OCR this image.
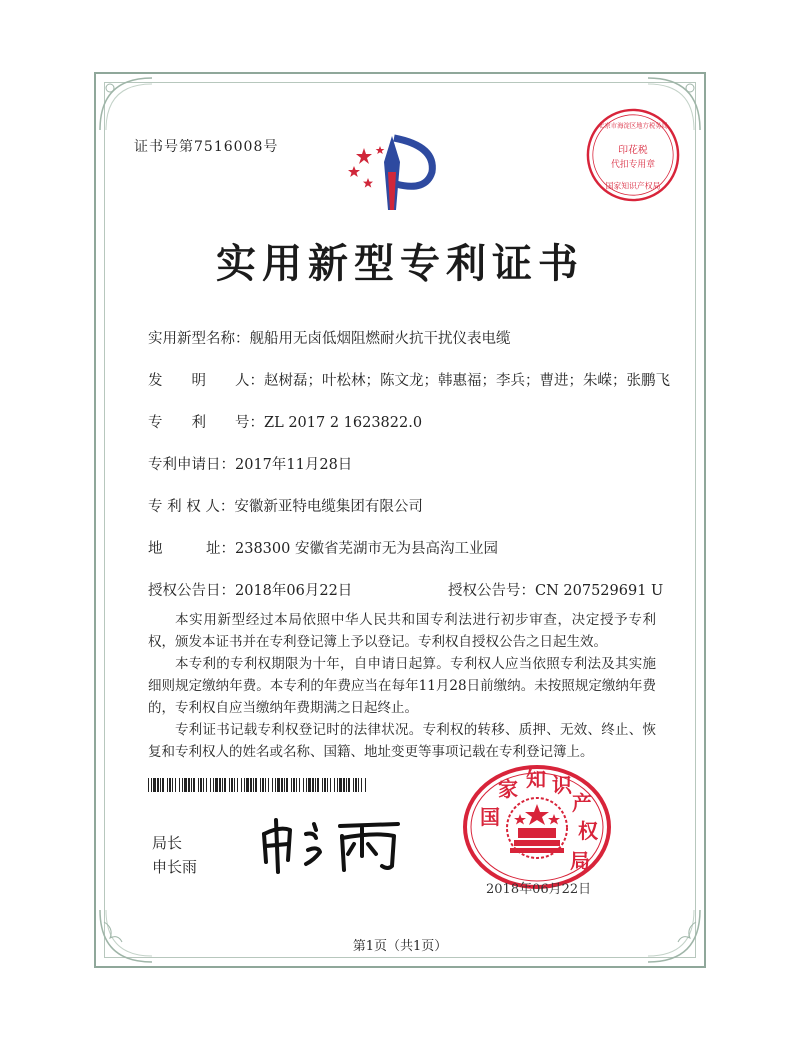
证书号第7516008号	印花税
代扣专用章
国家知识产权局
北京市海淀区地方税务局
实用新型专利证书
实用新型名称：舰船用无卤低烟阻燃耐火抗干扰仪表电缆
发　　明　　人：赵树磊；叶松林；陈文龙；韩惠福；李兵；曹进；朱嵘；张鹏飞
专　　利　　号：ZL 2017 2 1623822.0
专利申请日：2017年11月28日
专 利 权 人：安徽新亚特电缆集团有限公司
地　　　址：238300 安徽省芜湖市无为县高沟工业园
授权公告日：2018年06月22日	授权公告号：CN 207529691 U
本实用新型经过本局依照中华人民共和国专利法进行初步审查，决定授予专利权，颁发本证书并在专利登记簿上予以登记。专利权自授权公告之日起生效。
本专利的专利权期限为十年，自申请日起算。专利权人应当依照专利法及其实施细则规定缴纳年费。本专利的年费应当在每年11月28日前缴纳。未按照规定缴纳年费的，专利权自应当缴纳年费期满之日起终止。
专利证书记载专利权登记时的法律状况。专利权的转移、质押、无效、终止、恢复和专利权人的姓名或名称、国籍、地址变更等事项记载在专利登记簿上。
局长
申长雨
国
家 知 识
产
权
局
2018年06月22日
第1页（共1页）
